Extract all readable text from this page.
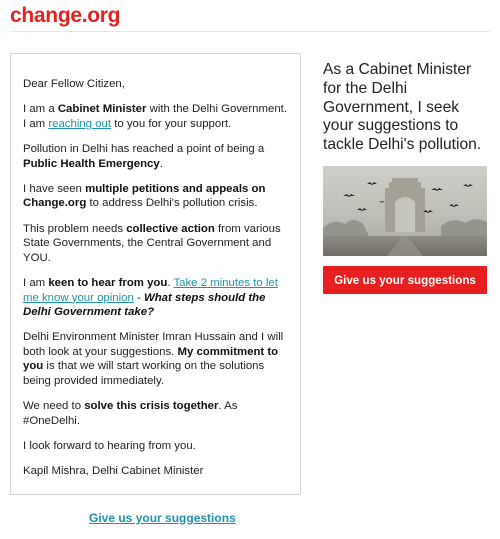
change.org

Dear Fellow Citizen,

I am a Cabinet Minister with the Delhi Government. I am reaching out to you for your support.

Pollution in Delhi has reached a point of being a Public Health Emergency.

I have seen multiple petitions and appeals on Change.org to address Delhi's pollution crisis.

This problem needs collective action from various State Governments, the Central Government and YOU.

I am keen to hear from you. Take 2 minutes to let me know your opinion - What steps should the Delhi Government take?

Delhi Environment Minister Imran Hussain and I will both look at your suggestions. My commitment to you is that we will start working on the solutions being provided immediately.

We need to solve this crisis together. As #OneDelhi.

I look forward to hearing from you.

Kapil Mishra, Delhi Cabinet Minister

Give us your suggestions
As a Cabinet Minister for the Delhi Government, I seek your suggestions to tackle Delhi's pollution.
Give us your suggestions
